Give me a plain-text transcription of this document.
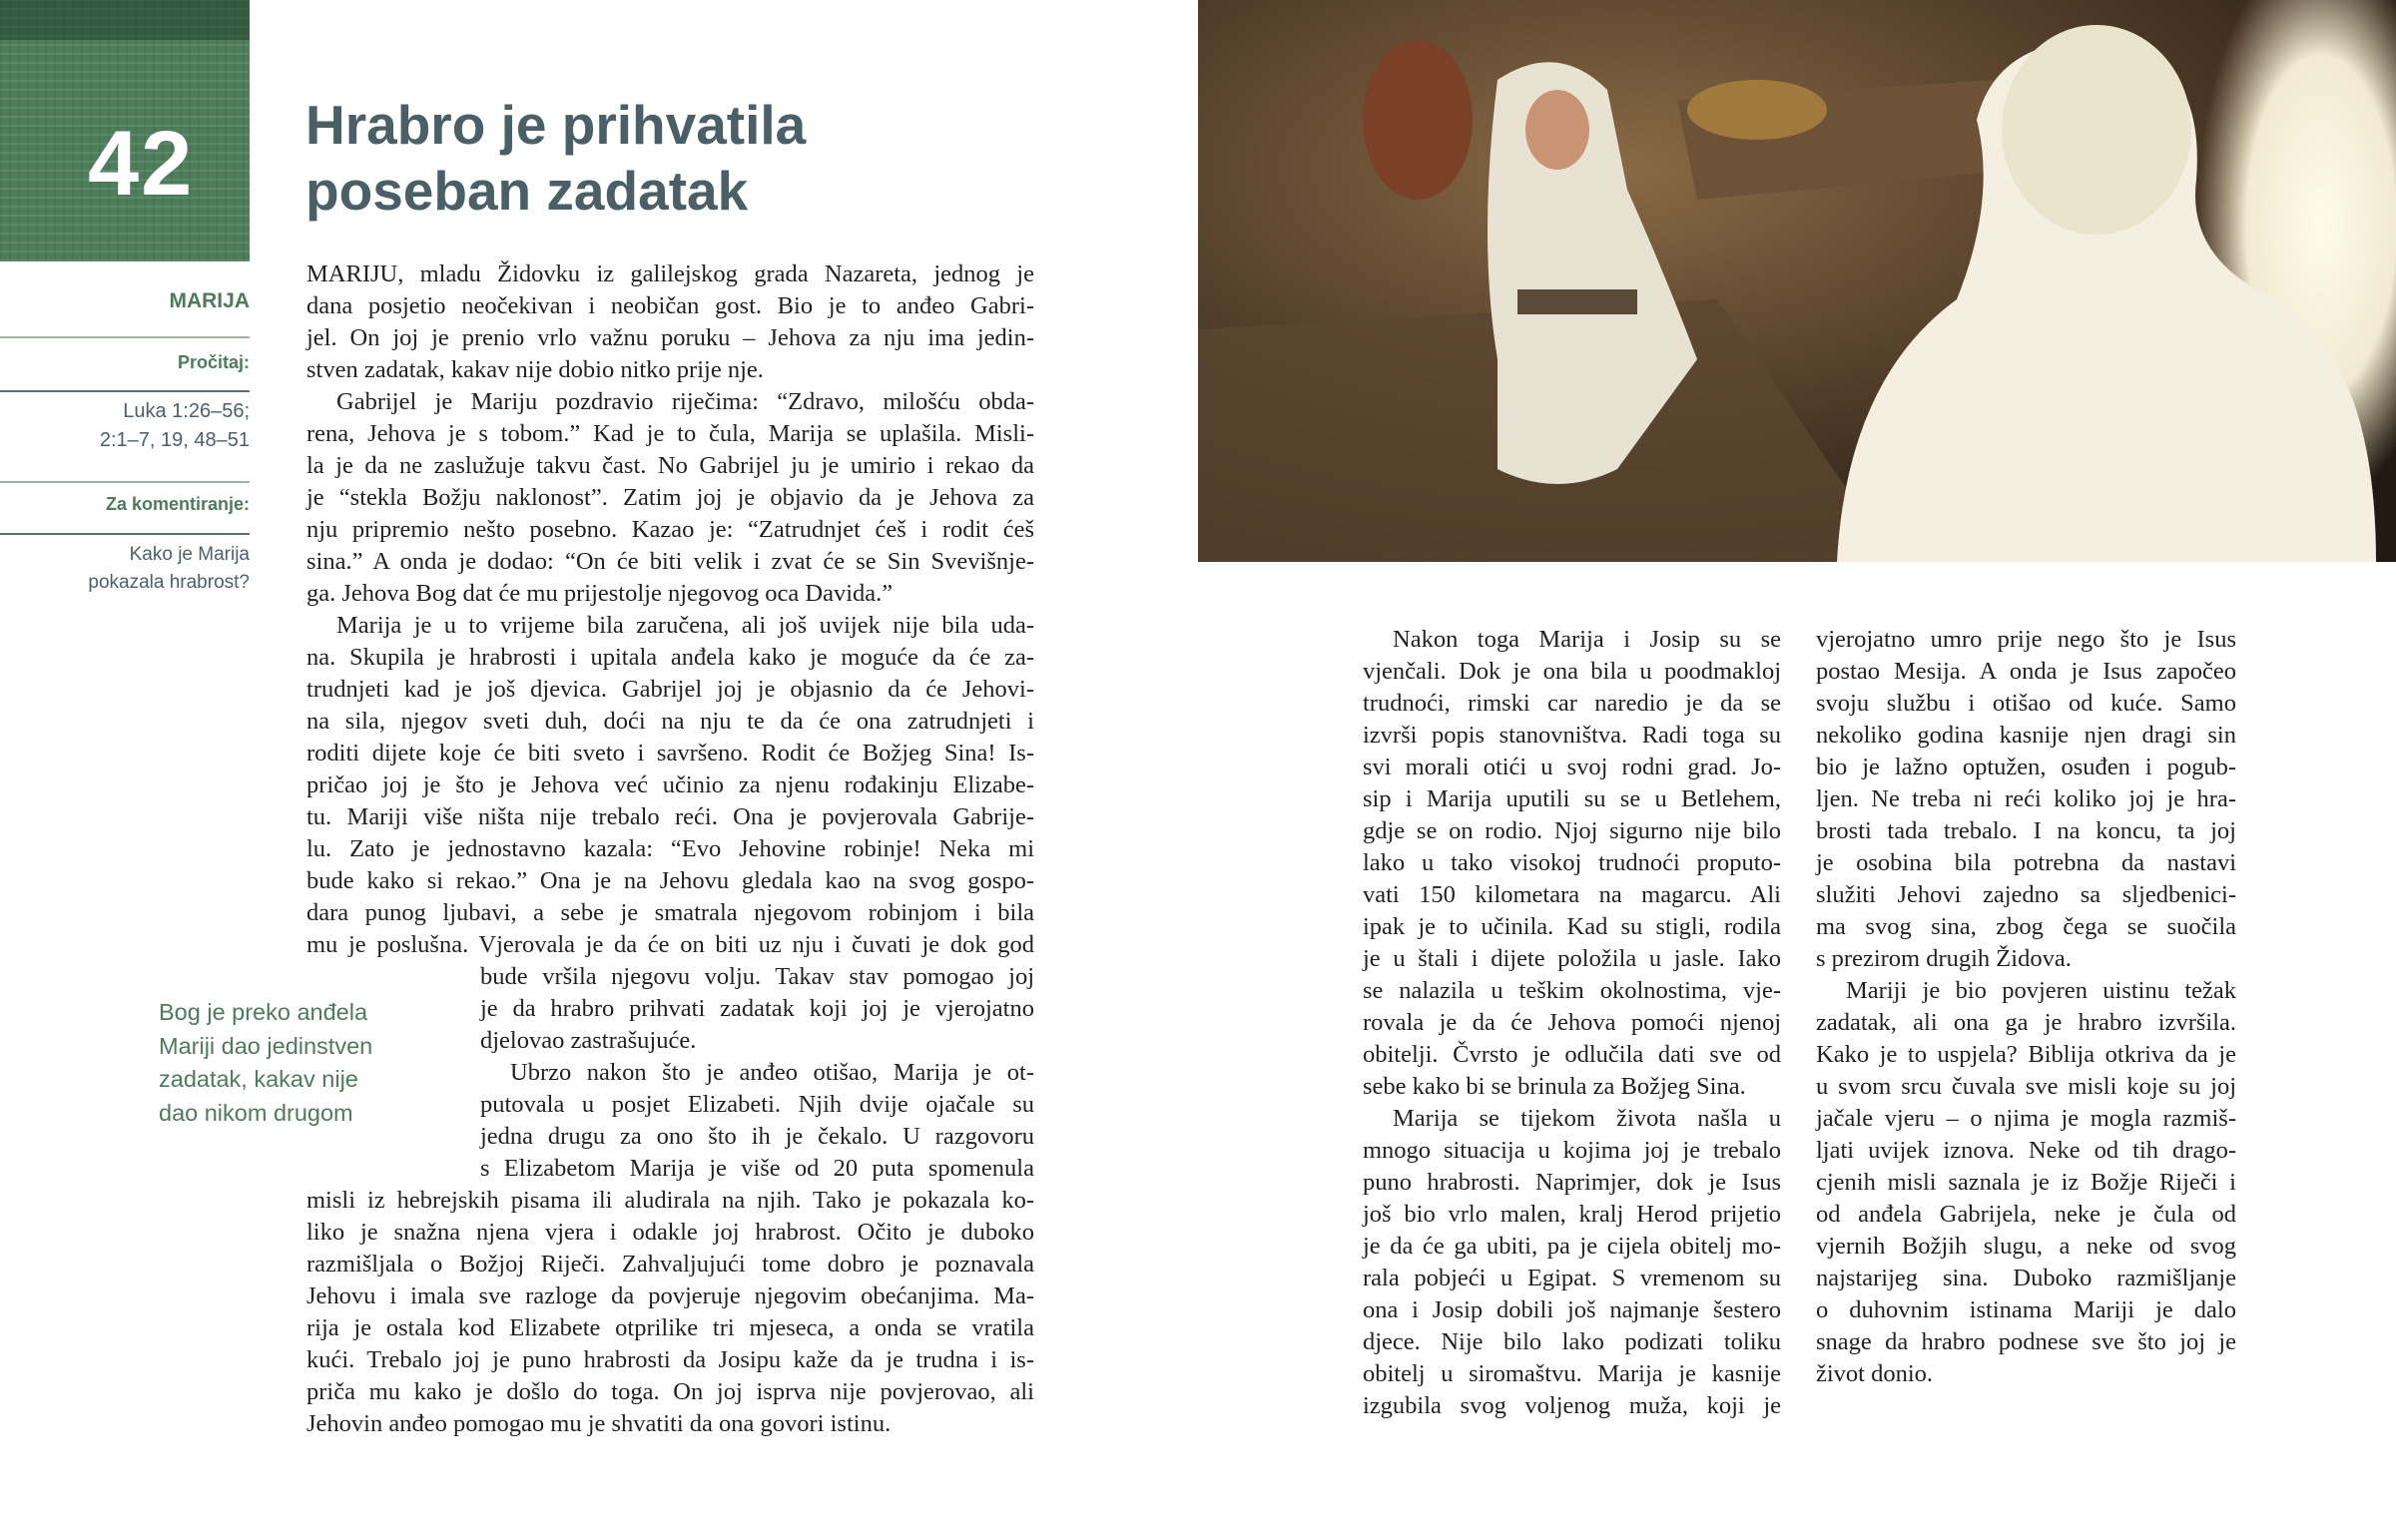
42
MARIJA
Pročitaj:
Luka 1:26–56;
2:1–7, 19, 48–51
Za komentiranje:
Kako je Marija
pokazala hrabrost?
Hrabro je prihvatila
poseban zadatak
MARIJU, mladu Židovku iz galilejskog grada Nazareta, jednog je
dana posjetio neočekivan i neobičan gost. Bio je to anđeo Gabri-
jel. On joj je prenio vrlo važnu poruku – Jehova za nju ima jedin-
stven zadatak, kakav nije dobio nitko prije nje.
Gabrijel je Mariju pozdravio riječima: “Zdravo, milošću obda-
rena, Jehova je s tobom.” Kad je to čula, Marija se uplašila. Misli-
la je da ne zaslužuje takvu čast. No Gabrijel ju je umirio i rekao da
je “stekla Božju naklonost”. Zatim joj je objavio da je Jehova za
nju pripremio nešto posebno. Kazao je: “Zatrudnjet ćeš i rodit ćeš
sina.” A onda je dodao: “On će biti velik i zvat će se Sin Svevišnje-
ga. Jehova Bog dat će mu prijestolje njegovog oca Davida.”
Marija je u to vrijeme bila zaručena, ali još uvijek nije bila uda-
na. Skupila je hrabrosti i upitala anđela kako je moguće da će za-
trudnjeti kad je još djevica. Gabrijel joj je objasnio da će Jehovi-
na sila, njegov sveti duh, doći na nju te da će ona zatrudnjeti i
roditi dijete koje će biti sveto i savršeno. Rodit će Božjeg Sina! Is-
pričao joj je što je Jehova već učinio za njenu rođakinju Elizabe-
tu. Mariji više ništa nije trebalo reći. Ona je povjerovala Gabrije-
lu. Zato je jednostavno kazala: “Evo Jehovine robinje! Neka mi
bude kako si rekao.” Ona je na Jehovu gledala kao na svog gospo-
dara punog ljubavi, a sebe je smatrala njegovom robinjom i bila
mu je poslušna. Vjerovala je da će on biti uz nju i čuvati je dok god
bude vršila njegovu volju. Takav stav pomogao joj
je da hrabro prihvati zadatak koji joj je vjerojatno
djelovao zastrašujuće.
Ubrzo nakon što je anđeo otišao, Marija je ot-
putovala u posjet Elizabeti. Njih dvije ojačale su
jedna drugu za ono što ih je čekalo. U razgovoru
s Elizabetom Marija je više od 20 puta spomenula
misli iz hebrejskih pisama ili aludirala na njih. Tako je pokazala ko-
liko je snažna njena vjera i odakle joj hrabrost. Očito je duboko
razmišljala o Božjoj Riječi. Zahvaljujući tome dobro je poznavala
Jehovu i imala sve razloge da povjeruje njegovim obećanjima. Ma-
rija je ostala kod Elizabete otprilike tri mjeseca, a onda se vratila
kući. Trebalo joj je puno hrabrosti da Josipu kaže da je trudna i is-
priča mu kako je došlo do toga. On joj isprva nije povjerovao, ali
Jehovin anđeo pomogao mu je shvatiti da ona govori istinu.
Nakon toga Marija i Josip su se
vjenčali. Dok je ona bila u poodmakloj
trudnoći, rimski car naredio je da se
izvrši popis stanovništva. Radi toga su
svi morali otići u svoj rodni grad. Jo-
sip i Marija uputili su se u Betlehem,
gdje se on rodio. Njoj sigurno nije bilo
lako u tako visokoj trudnoći proputo-
vati 150 kilometara na magarcu. Ali
ipak je to učinila. Kad su stigli, rodila
je u štali i dijete položila u jasle. Iako
se nalazila u teškim okolnostima, vje-
rovala je da će Jehova pomoći njenoj
obitelji. Čvrsto je odlučila dati sve od
sebe kako bi se brinula za Božjeg Sina.
Marija se tijekom života našla u
mnogo situacija u kojima joj je trebalo
puno hrabrosti. Naprimjer, dok je Isus
još bio vrlo malen, kralj Herod prijetio
je da će ga ubiti, pa je cijela obitelj mo-
rala pobjeći u Egipat. S vremenom su
ona i Josip dobili još najmanje šestero
djece. Nije bilo lako podizati toliku
obitelj u siromaštvu. Marija je kasnije
izgubila svog voljenog muža, koji je
vjerojatno umro prije nego što je Isus
postao Mesija. A onda je Isus započeo
svoju službu i otišao od kuće. Samo
nekoliko godina kasnije njen dragi sin
bio je lažno optužen, osuđen i pogub-
ljen. Ne treba ni reći koliko joj je hra-
brosti tada trebalo. I na koncu, ta joj
je osobina bila potrebna da nastavi
služiti Jehovi zajedno sa sljedbenici-
ma svog sina, zbog čega se suočila
s prezirom drugih Židova.
Mariji je bio povjeren uistinu težak
zadatak, ali ona ga je hrabro izvršila.
Kako je to uspjela? Biblija otkriva da je
u svom srcu čuvala sve misli koje su joj
jačale vjeru – o njima je mogla razmiš-
ljati uvijek iznova. Neke od tih drago-
cjenih misli saznala je iz Božje Riječi i
od anđela Gabrijela, neke je čula od
vjernih Božjih slugu, a neke od svog
najstarijeg sina. Duboko razmišljanje
o duhovnim istinama Mariji je dalo
snage da hrabro podnese sve što joj je
život donio.
Bog je preko anđela
Mariji dao jedinstven
zadatak, kakav nije
dao nikom drugom
